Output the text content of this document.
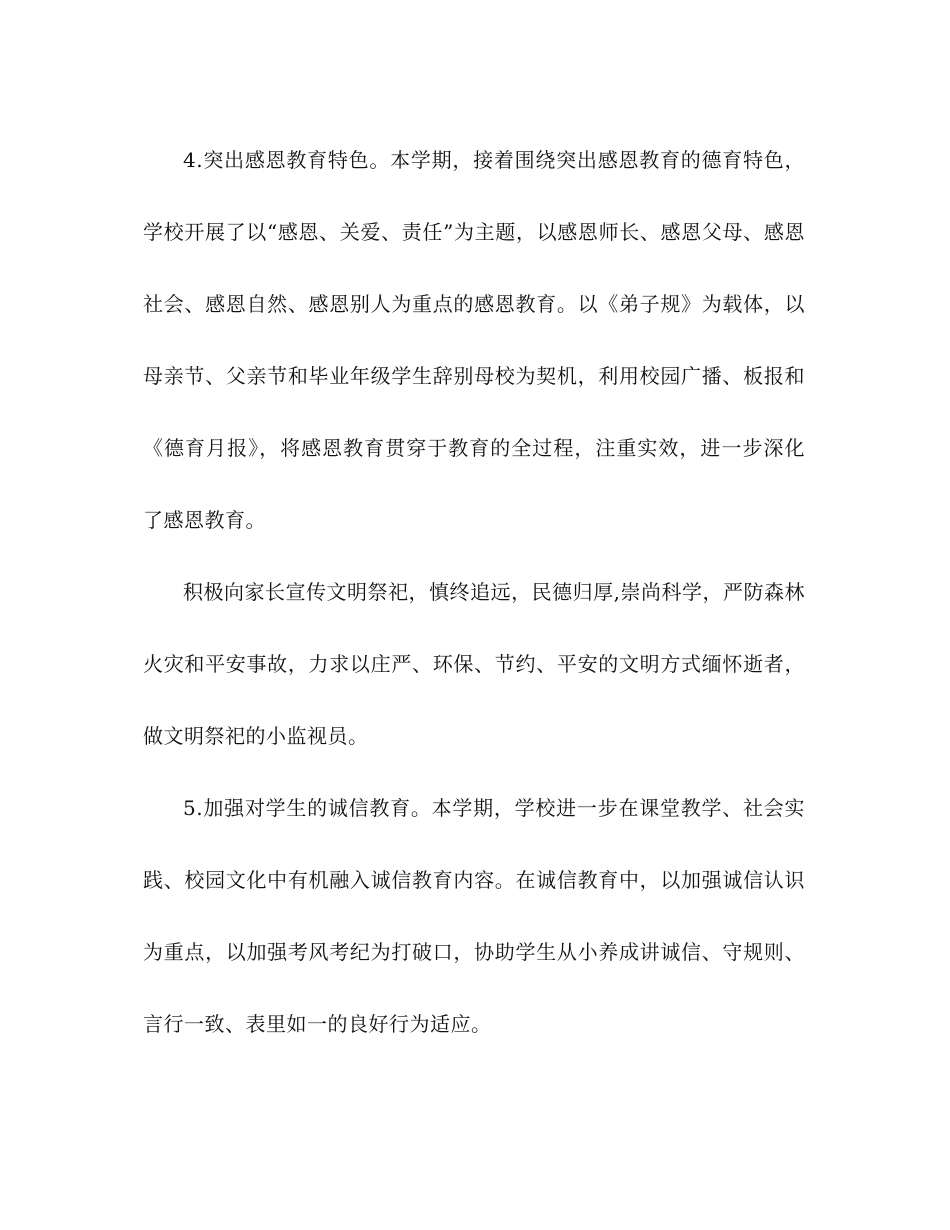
4.突出感恩教育特色。本学期，接着围绕突出感恩教育的德育特色，学校开展了以“感恩、关爱、责任”为主题，以感恩师长、感恩父母、感恩社会、感恩自然、感恩别人为重点的感恩教育。以《弟子规》为载体，以母亲节、父亲节和毕业年级学生辞别母校为契机，利用校园广播、板报和《德育月报》，将感恩教育贯穿于教育的全过程，注重实效，进一步深化了感恩教育。

积极向家长宣传文明祭祀，慎终追远，民德归厚,崇尚科学，严防森林火灾和平安事故，力求以庄严、环保、节约、平安的文明方式缅怀逝者，做文明祭祀的小监视员。

5.加强对学生的诚信教育。本学期，学校进一步在课堂教学、社会实践、校园文化中有机融入诚信教育内容。在诚信教育中，以加强诚信认识为重点，以加强考风考纪为打破口，协助学生从小养成讲诚信、守规则、言行一致、表里如一的良好行为适应。
